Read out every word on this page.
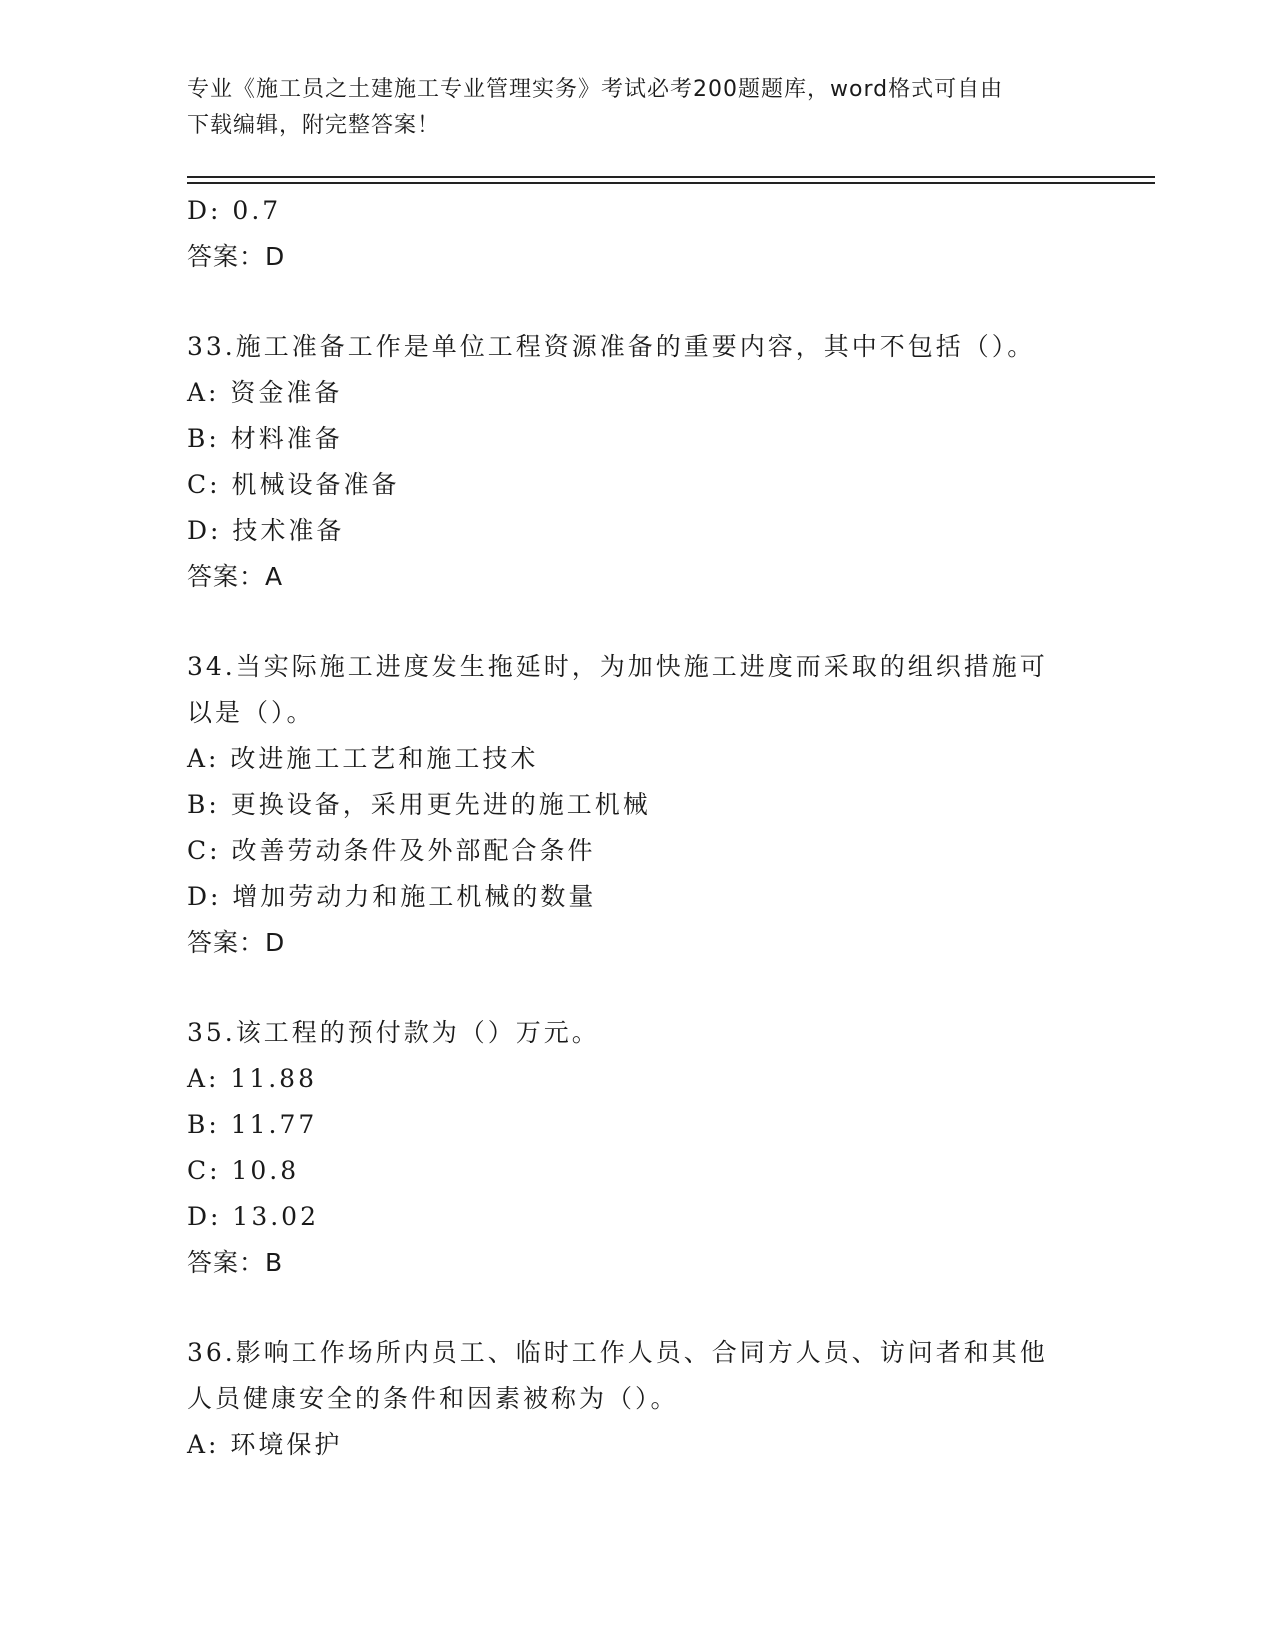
专业《施工员之土建施工专业管理实务》考试必考200题题库，word格式可自由
下载编辑，附完整答案！
D: 0.7
答案：D
33.施工准备工作是单位工程资源准备的重要内容，其中不包括（）。
A: 资金准备
B: 材料准备
C: 机械设备准备
D: 技术准备
答案：A
34.当实际施工进度发生拖延时，为加快施工进度而采取的组织措施可
以是（）。
A: 改进施工工艺和施工技术
B: 更换设备，采用更先进的施工机械
C: 改善劳动条件及外部配合条件
D: 增加劳动力和施工机械的数量
答案：D
35.该工程的预付款为（）万元。
A: 11.88
B: 11.77
C: 10.8
D: 13.02
答案：B
36.影响工作场所内员工、临时工作人员、合同方人员、访问者和其他
人员健康安全的条件和因素被称为（）。
A: 环境保护
